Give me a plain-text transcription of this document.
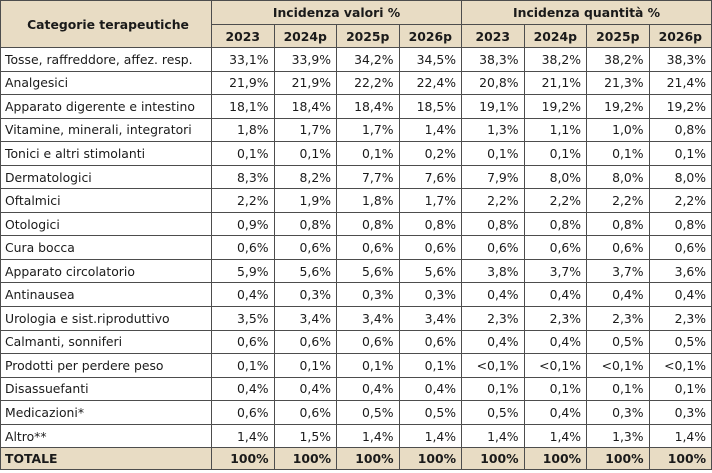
Categorie terapeutiche	Incidenza valori %				Incidenza quantità %			
	2023	2024p	2025p	2026p	2023	2024p	2025p	2026p
Tosse, raffreddore, affez. resp.	33,1%	33,9%	34,2%	34,5%	38,3%	38,2%	38,2%	38,3%
Analgesici	21,9%	21,9%	22,2%	22,4%	20,8%	21,1%	21,3%	21,4%
Apparato digerente e intestino	18,1%	18,4%	18,4%	18,5%	19,1%	19,2%	19,2%	19,2%
Vitamine, minerali, integratori	1,8%	1,7%	1,7%	1,4%	1,3%	1,1%	1,0%	0,8%
Tonici e altri stimolanti	0,1%	0,1%	0,1%	0,2%	0,1%	0,1%	0,1%	0,1%
Dermatologici	8,3%	8,2%	7,7%	7,6%	7,9%	8,0%	8,0%	8,0%
Oftalmici	2,2%	1,9%	1,8%	1,7%	2,2%	2,2%	2,2%	2,2%
Otologici	0,9%	0,8%	0,8%	0,8%	0,8%	0,8%	0,8%	0,8%
Cura bocca	0,6%	0,6%	0,6%	0,6%	0,6%	0,6%	0,6%	0,6%
Apparato circolatorio	5,9%	5,6%	5,6%	5,6%	3,8%	3,7%	3,7%	3,6%
Antinausea	0,4%	0,3%	0,3%	0,3%	0,4%	0,4%	0,4%	0,4%
Urologia e sist.riproduttivo	3,5%	3,4%	3,4%	3,4%	2,3%	2,3%	2,3%	2,3%
Calmanti, sonniferi	0,6%	0,6%	0,6%	0,6%	0,4%	0,4%	0,5%	0,5%
Prodotti per perdere peso	0,1%	0,1%	0,1%	0,1%	<0,1%	<0,1%	<0,1%	<0,1%
Disassuefanti	0,4%	0,4%	0,4%	0,4%	0,1%	0,1%	0,1%	0,1%
Medicazioni*	0,6%	0,6%	0,5%	0,5%	0,5%	0,4%	0,3%	0,3%
Altro**	1,4%	1,5%	1,4%	1,4%	1,4%	1,4%	1,3%	1,4%
TOTALE	100%	100%	100%	100%	100%	100%	100%	100%
